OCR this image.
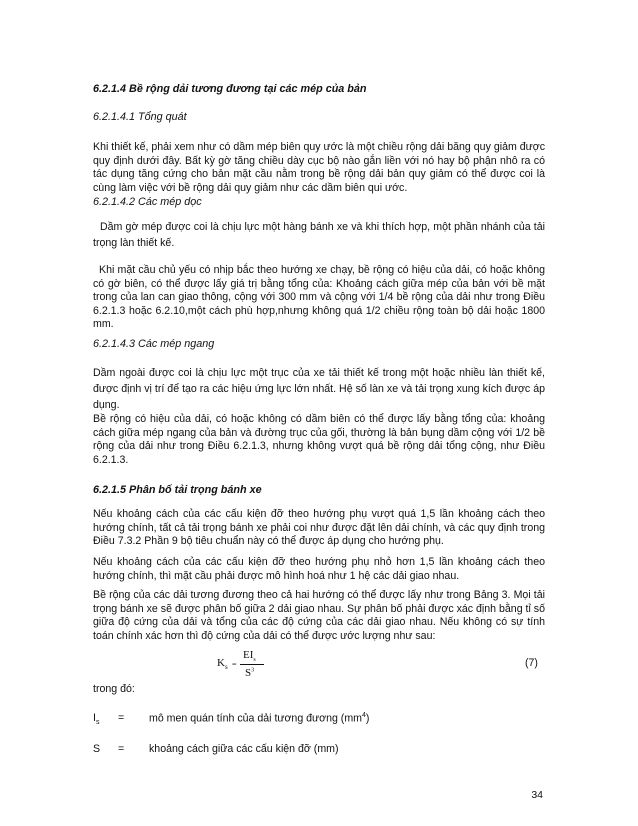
6.2.1.4 Bề rộng dải tương đương tại các mép của bản
6.2.1.4.1 Tổng quát
Khi thiết kế, phải xem như có dầm mép biên quy ước là một chiều rộng dải băng quy giảm được quy định dưới đây. Bất kỳ gờ tăng chiều dày cục bộ nào gắn liền với nó hay bộ phận nhô ra có tác dụng tăng cứng cho bản mặt cầu nằm trong bề rộng dải bản quy giảm có thể được coi là cùng làm việc với bề rộng dải quy giảm như các dầm biên qui ước.
6.2.1.4.2 Các mép dọc
Dầm gờ mép được coi là chịu lực một hàng bánh xe và khi thích hợp, một phần nhánh của tải trọng làn thiết kế.
Khi mặt cầu chủ yếu có nhịp bắc theo hướng xe chạy, bề rộng có hiệu của dải, có hoặc không có gờ biên, có thể được lấy giá trị bằng tổng của: Khoảng cách giữa mép của bản với bề mặt trong của lan can giao thông, cộng với 300 mm và cộng với 1/4 bề rộng của dải như trong Điều 6.2.1.3 hoặc 6.2.10,một cách phù hợp,nhưng không quá 1/2 chiều rộng toàn bộ dải hoặc 1800 mm.
6.2.1.4.3 Các mép ngang
Dầm ngoài được coi là chịu lực một trục của xe tải thiết kế trong một hoặc nhiều làn thiết kế, được định vị trí để tạo ra các hiệu ứng lực lớn nhất. Hệ số làn xe và tải trọng xung kích được áp dụng.
Bề rộng có hiệu của dải, có hoặc không có dầm biên có thể được lấy bằng tổng của: khoảng cách giữa mép ngang của bản và đường trục của gối, thường là bản bụng dầm cộng với 1/2 bề rộng của dải như trong Điều 6.2.1.3, nhưng không vượt quá bề rộng dải tổng cộng, như Điều 6.2.1.3.
6.2.1.5 Phân bố tải trọng bánh xe
Nếu khoảng cách của các cấu kiện đỡ theo hướng phụ vượt quá 1,5 lần khoảng cách theo hướng chính, tất cả tải trọng bánh xe phải coi như được đặt lên dải chính, và các quy định trong Điều 7.3.2 Phần 9 bộ tiêu chuẩn này có thể được áp dụng cho hướng phụ.
Nếu khoảng cách của các cấu kiện đỡ theo hướng phụ nhỏ hơn 1,5 lần khoảng cách theo hướng chính, thì mặt cầu phải được mô hình hoá như 1 hệ các dải giao nhau.
Bề rộng của các dải tương đương theo cả hai hướng có thể được lấy như trong Bảng 3. Mọi tải trọng bánh xe sẽ được phân bố giữa 2 dải giao nhau. Sự phân bố phải được xác định bằng tỉ số giữa độ cứng của dải và tổng của các độ cứng của các dải giao nhau. Nếu không có sự tính toán chính xác hơn thì độ cứng của dải có thể được ước lượng như sau:
$K_s$ =
$EI_s$
$S^3$
(7)
trong đó:
$I_s$ = mô men quán tính của dải tương đương $(mm^4)$
S = khoảng cách giữa các cấu kiện đỡ (mm)
34
